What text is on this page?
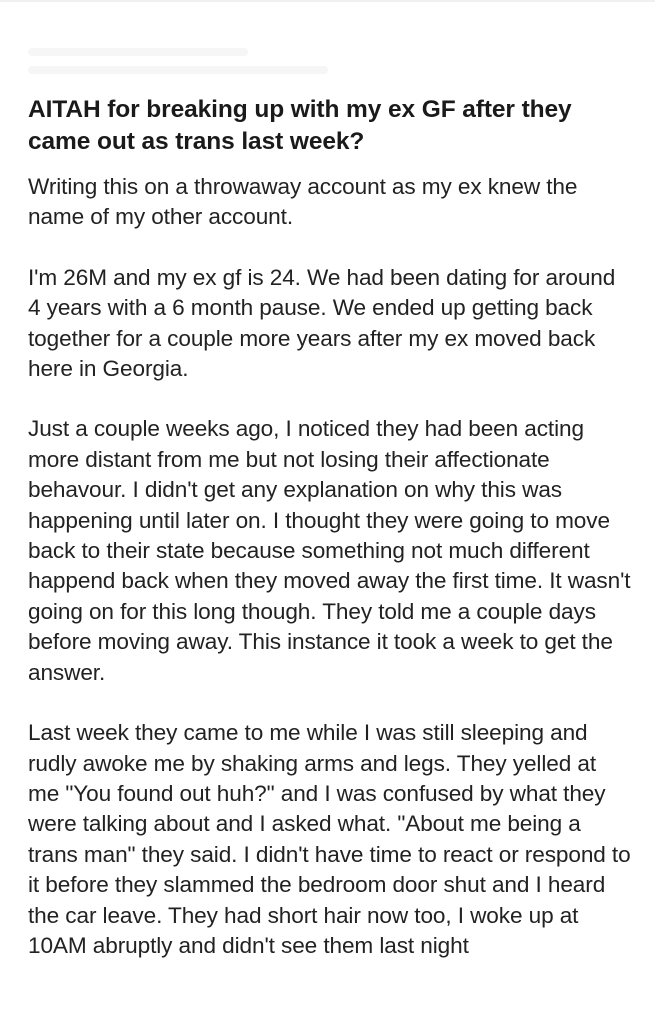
AITAH for breaking up with my ex GF after they came out as trans last week?

Writing this on a throwaway account as my ex knew the name of my other account.

I'm 26M and my ex gf is 24. We had been dating for around 4 years with a 6 month pause. We ended up getting back together for a couple more years after my ex moved back here in Georgia.

Just a couple weeks ago, I noticed they had been acting more distant from me but not losing their affectionate behavour. I didn't get any explanation on why this was happening until later on. I thought they were going to move back to their state because something not much different happend back when they moved away the first time. It wasn't going on for this long though. They told me a couple days before moving away. This instance it took a week to get the answer.

Last week they came to me while I was still sleeping and rudly awoke me by shaking arms and legs. They yelled at me "You found out huh?" and I was confused by what they were talking about and I asked what. "About me being a trans man" they said. I didn't have time to react or respond to it before they slammed the bedroom door shut and I heard the car leave. They had short hair now too, I woke up at 10AM abruptly and didn't see them last night
